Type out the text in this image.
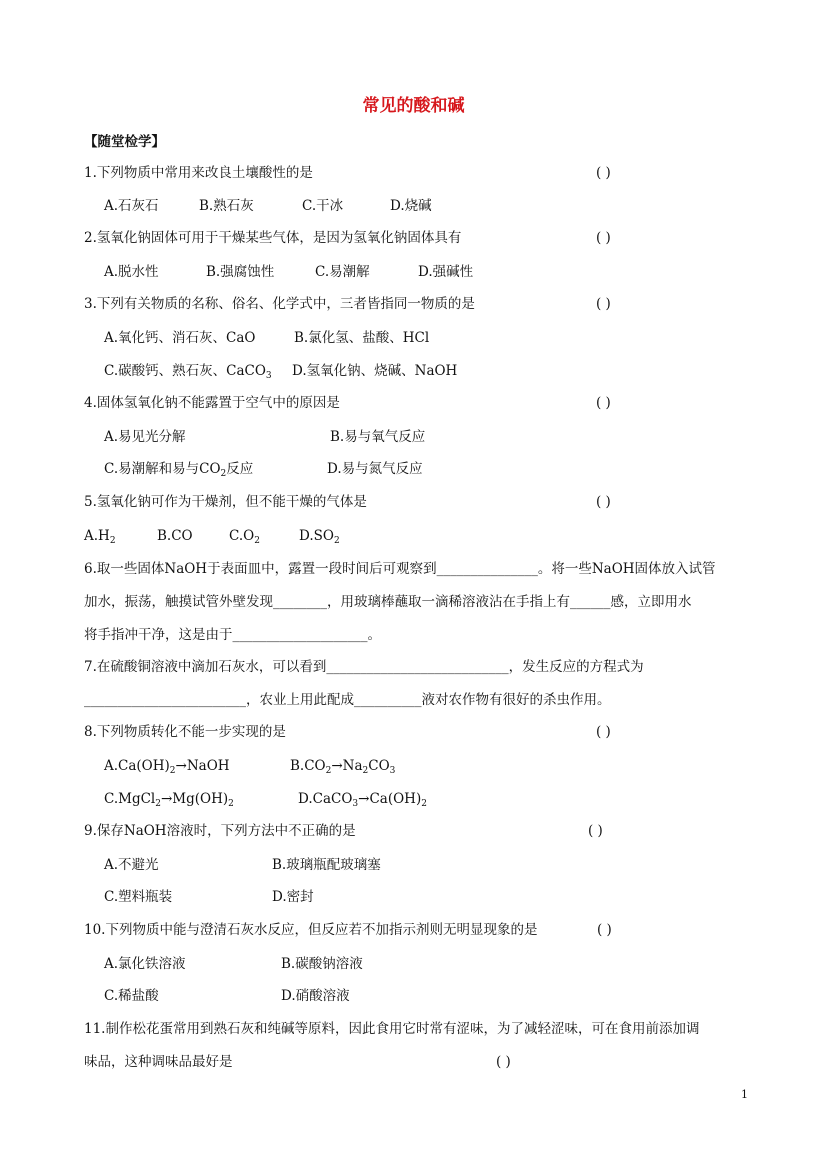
常见的酸和碱
【随堂检学】
1.下列物质中常用来改良土壤酸性的是	( )
A.石灰石	B.熟石灰	C.干冰	D.烧碱
2.氢氧化钠固体可用于干燥某些气体，是因为氢氧化钠固体具有	( )
A.脱水性	B.强腐蚀性	C.易潮解	D.强碱性
3.下列有关物质的名称、俗名、化学式中，三者皆指同一物质的是	( )
A.氧化钙、消石灰、CaO	B.氯化氢、盐酸、HCl
C.碳酸钙、熟石灰、CaCO$_3$ D.氢氧化钠、烧碱、NaOH
4.固体氢氧化钠不能露置于空气中的原因是	( )
A.易见光分解	B.易与氧气反应
C.易潮解和易与$CO_2$反应	D.易与氮气反应
5.氢氧化钠可作为干燥剂，但不能干燥的气体是	( )
$A.H_2$	B.CO	$C.O_2$	$D.SO_2$
6.取一些固体NaOH于表面皿中，露置一段时间后可观察到_______________。将一些NaOH固体放入试管
加水，振荡，触摸试管外壁发现________，用玻璃棒蘸取一滴稀溶液沾在手指上有______感，立即用水
将手指冲干净，这是由于____________________。
7.在硫酸铜溶液中滴加石灰水，可以看到___________________________，发生反应的方程式为
________________________，农业上用此配成__________液对农作物有很好的杀虫作用。
8.下列物质转化不能一步实现的是	( )
$A.Ca(OH)_2\to NaOH$	$B.CO_2\to Na_2CO_3$
$C.MgCl_2\to Mg(OH)_2$	$D.CaCO_3\to Ca(OH)_2$
9.保存NaOH溶液时，下列方法中不正确的是	( )
A.不避光	B.玻璃瓶配玻璃塞
C.塑料瓶装	D.密封
10.下列物质中能与澄清石灰水反应，但反应若不加指示剂则无明显现象的是	( )
A.氯化铁溶液	B.碳酸钠溶液
C.稀盐酸	D.硝酸溶液
11.制作松花蛋常用到熟石灰和纯碱等原料，因此食用它时常有涩味，为了减轻涩味，可在食用前添加调
味品，这种调味品最好是	( )
1
